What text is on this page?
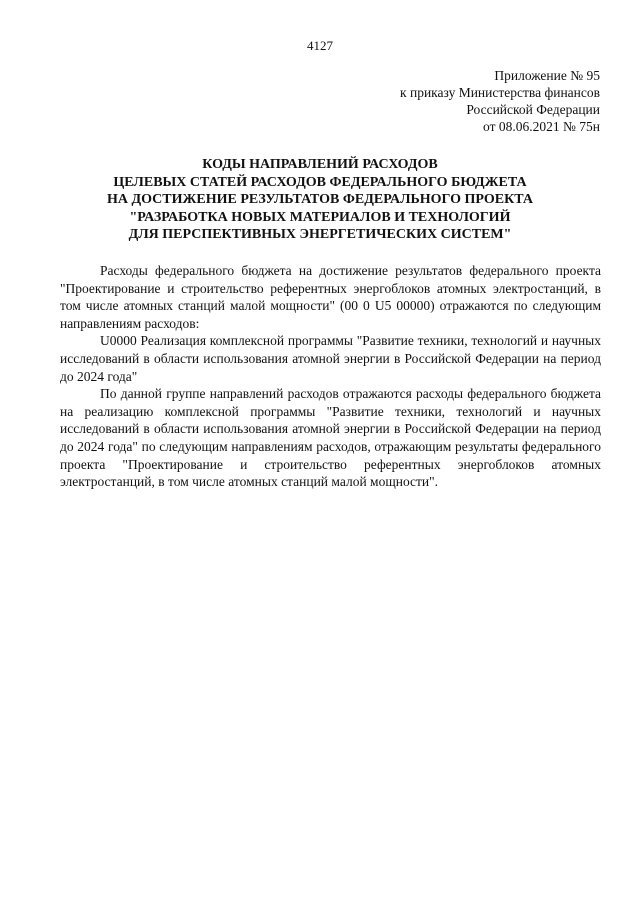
4127
Приложение № 95
к приказу Министерства финансов
Российской Федерации
от 08.06.2021 № 75н
КОДЫ НАПРАВЛЕНИЙ РАСХОДОВ
ЦЕЛЕВЫХ СТАТЕЙ РАСХОДОВ ФЕДЕРАЛЬНОГО БЮДЖЕТА
НА ДОСТИЖЕНИЕ РЕЗУЛЬТАТОВ ФЕДЕРАЛЬНОГО ПРОЕКТА
"РАЗРАБОТКА НОВЫХ МАТЕРИАЛОВ И ТЕХНОЛОГИЙ
ДЛЯ ПЕРСПЕКТИВНЫХ ЭНЕРГЕТИЧЕСКИХ СИСТЕМ"

Расходы федерального бюджета на достижение результатов федерального проекта "Проектирование и строительство референтных энергоблоков атомных электростанций, в том числе атомных станций малой мощности" (00 0 U5 00000) отражаются по следующим направлениям расходов:

U0000 Реализация комплексной программы "Развитие техники, технологий и научных исследований в области использования атомной энергии в Российской Федерации на период до 2024 года"

По данной группе направлений расходов отражаются расходы федерального бюджета на реализацию комплексной программы "Развитие техники, технологий и научных исследований в области использования атомной энергии в Российской Федерации на период до 2024 года" по следующим направлениям расходов, отражающим результаты федерального проекта "Проектирование и строительство референтных энергоблоков атомных электростанций, в том числе атомных станций малой мощности".
